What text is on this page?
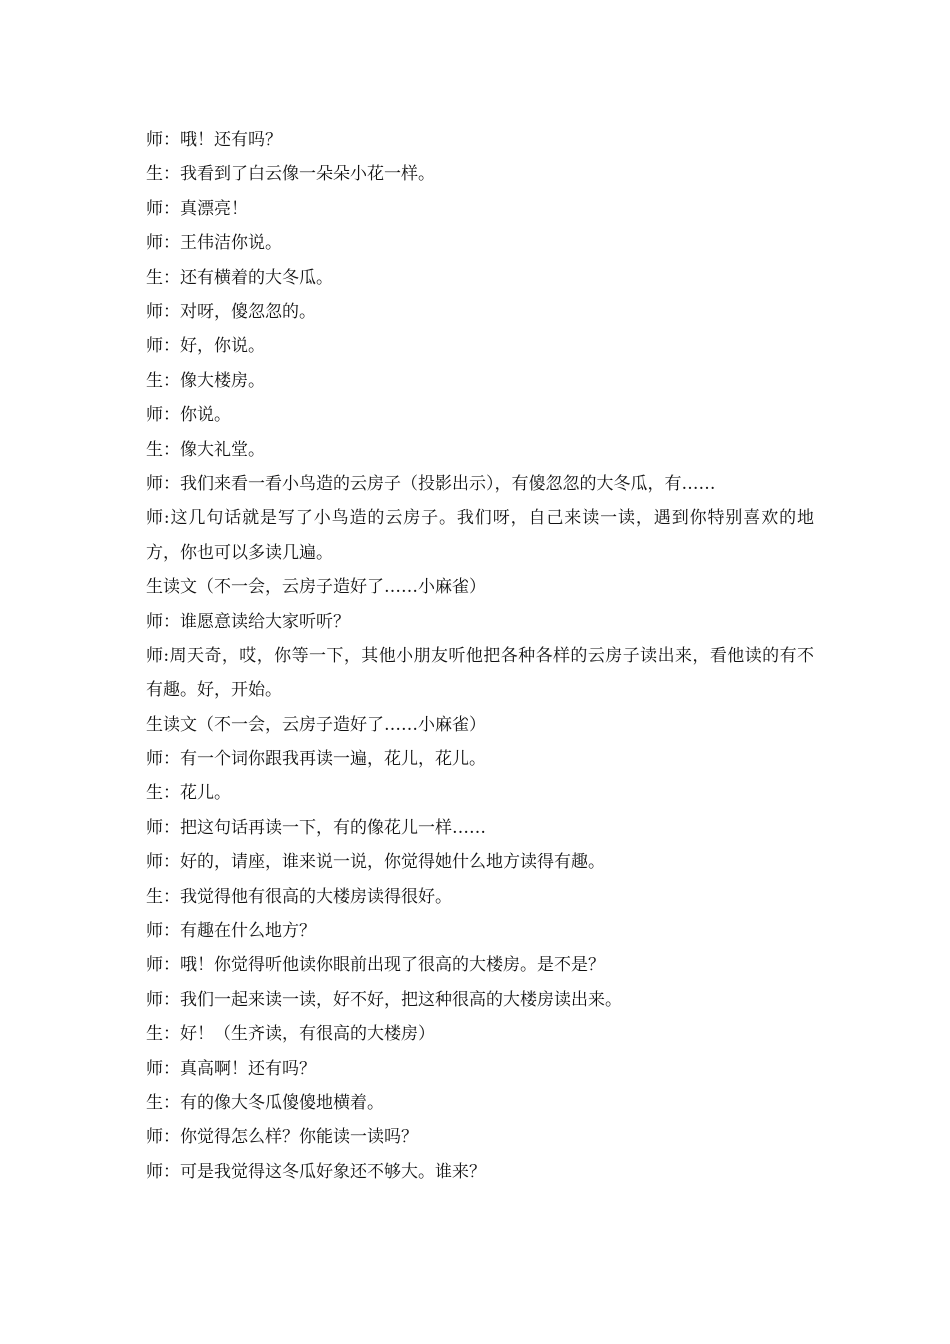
师：哦！还有吗？
生：我看到了白云像一朵朵小花一样。
师：真漂亮！
师：王伟洁你说。
生：还有横着的大冬瓜。
师：对呀，傻忽忽的。
师：好，你说。
生：像大楼房。
师：你说。
生：像大礼堂。
师：我们来看一看小鸟造的云房子（投影出示），有傻忽忽的大冬瓜，有……
师:这几句话就是写了小鸟造的云房子。我们呀，自己来读一读，遇到你特别喜欢的地方，你也可以多读几遍。
生读文（不一会，云房子造好了……小麻雀）
师：谁愿意读给大家听听？
师:周天奇，哎，你等一下，其他小朋友听他把各种各样的云房子读出来，看他读的有不有趣。好，开始。
生读文（不一会，云房子造好了……小麻雀）
师：有一个词你跟我再读一遍，花儿，花儿。
生：花儿。
师：把这句话再读一下，有的像花儿一样……
师：好的，请座，谁来说一说，你觉得她什么地方读得有趣。
生：我觉得他有很高的大楼房读得很好。
师：有趣在什么地方？
师：哦！你觉得听他读你眼前出现了很高的大楼房。是不是？
师：我们一起来读一读，好不好，把这种很高的大楼房读出来。
生：好！（生齐读，有很高的大楼房）
师：真高啊！还有吗？
生：有的像大冬瓜傻傻地横着。
师：你觉得怎么样？你能读一读吗？
师：可是我觉得这冬瓜好象还不够大。谁来？
